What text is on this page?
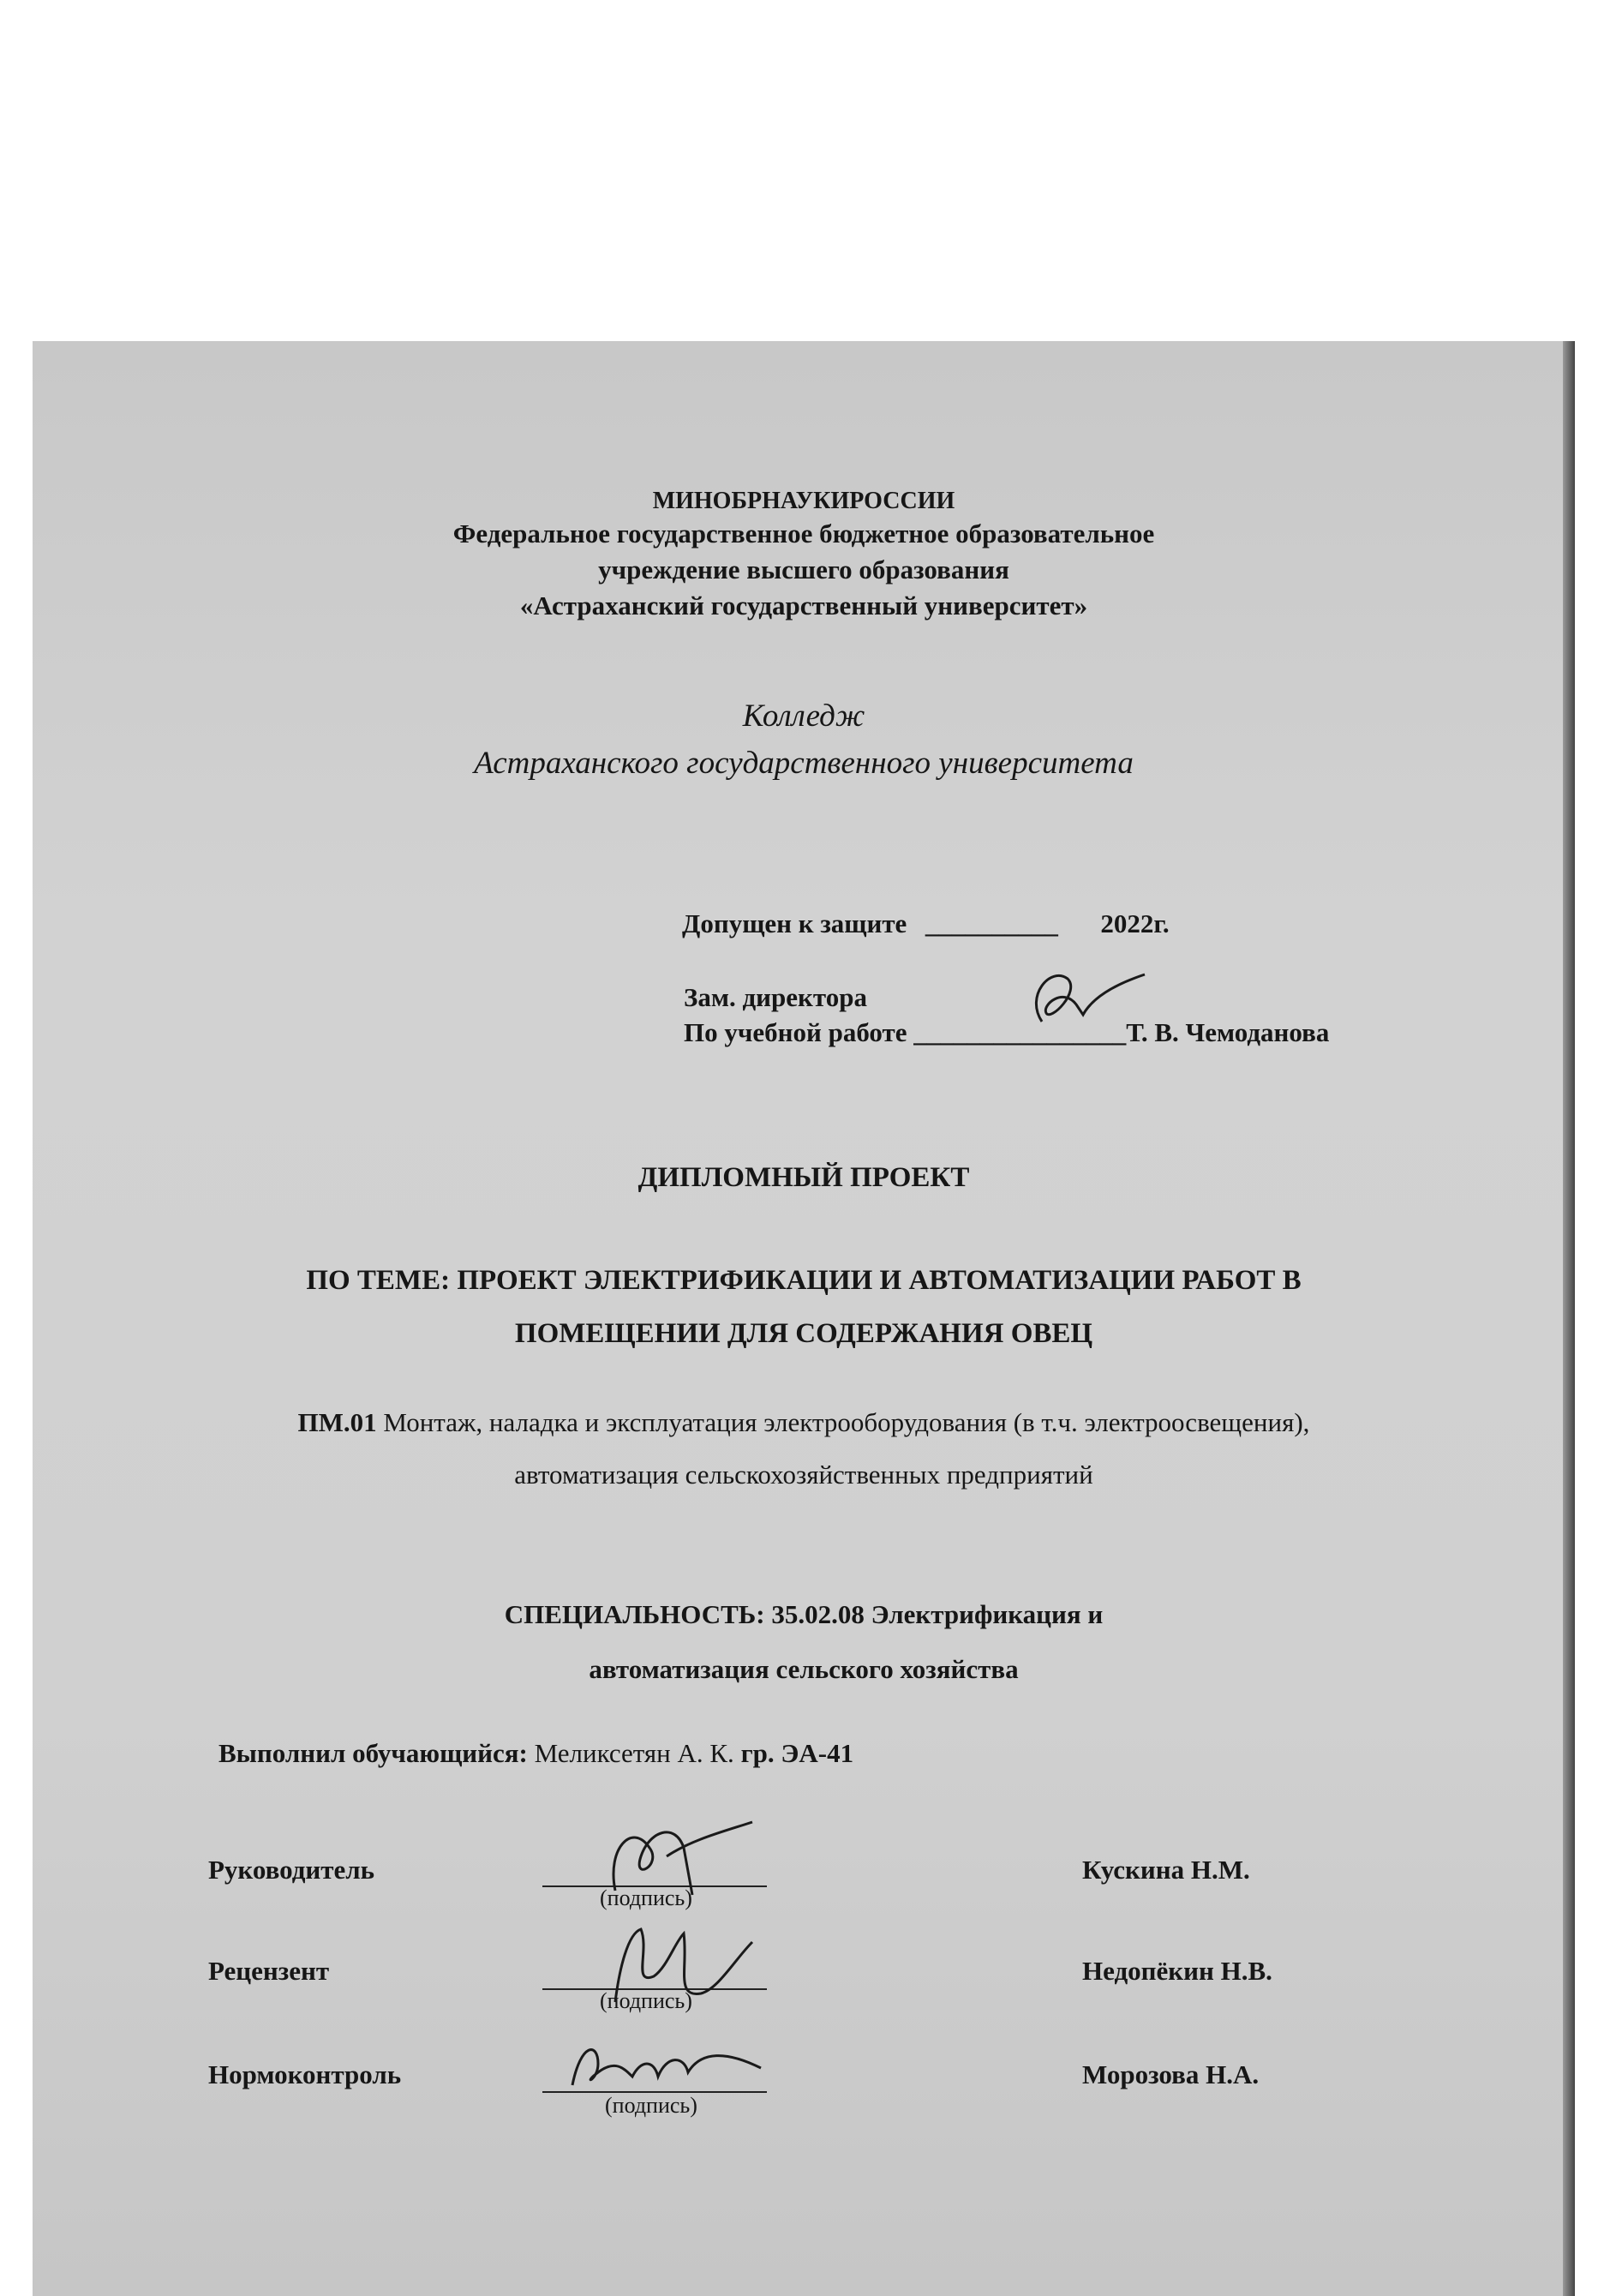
МИНОБРНАУКИРОССИИ
Федеральное государственное бюджетное образовательное
учреждение высшего образования
«Астраханский государственный университет»
Колледж
Астраханского государственного университета
Допущен к защите __________ 2022г.
Зам. директора
По учебной работе ________________Т. В. Чемоданова
ДИПЛОМНЫЙ ПРОЕКТ
ПО ТЕМЕ: ПРОЕКТ ЭЛЕКТРИФИКАЦИИ И АВТОМАТИЗАЦИИ РАБОТ В
ПОМЕЩЕНИИ ДЛЯ СОДЕРЖАНИЯ ОВЕЦ
ПМ.01 Монтаж, наладка и эксплуатация электрооборудования (в т.ч. электроосвещения),
автоматизация сельскохозяйственных предприятий
СПЕЦИАЛЬНОСТЬ: 35.02.08 Электрификация и
автоматизация сельского хозяйства
Выполнил обучающийся: Меликсетян А. К. гр. ЭА-41
Руководитель
(подпись)
Кускина Н.М.
Рецензент
(подпись)
Недопёкин Н.В.
Нормоконтроль
(подпись)
Морозова Н.А.
